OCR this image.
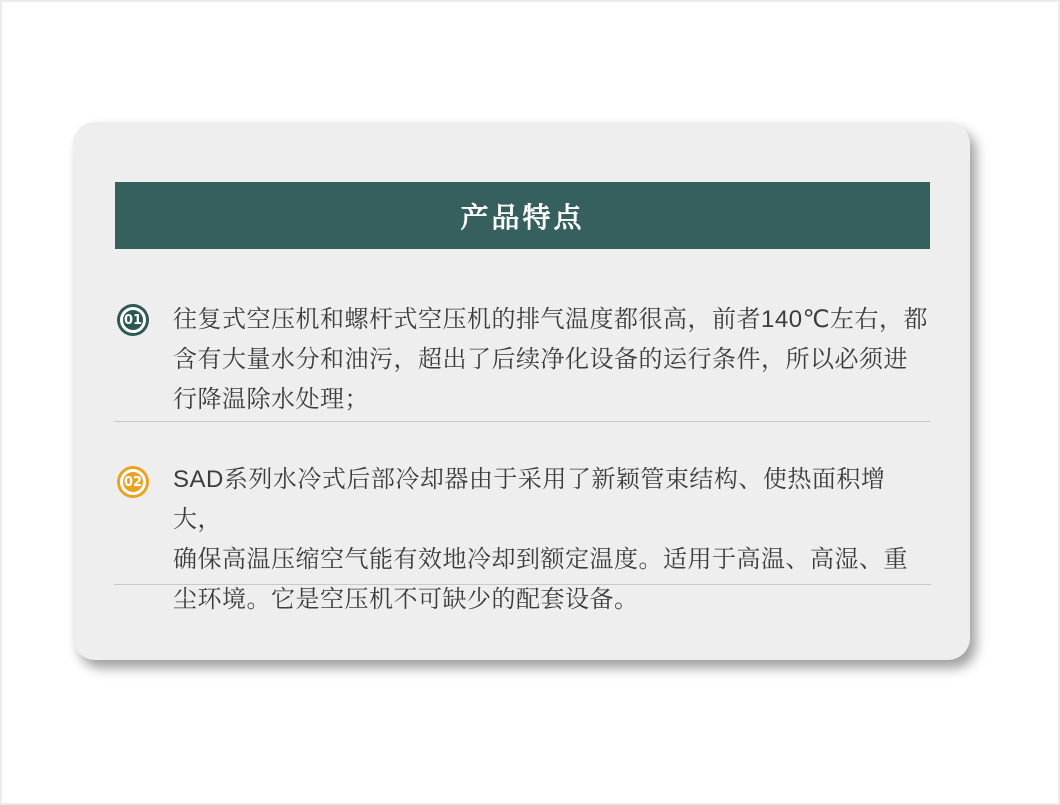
产品特点
01 往复式空压机和螺杆式空压机的排气温度都很高，前者140℃左右，都
含有大量水分和油污，超出了后续净化设备的运行条件，所以必须进
行降温除水处理；
02 SAD系列水冷式后部冷却器由于采用了新颖管束结构、使热面积增大，
确保高温压缩空气能有效地冷却到额定温度。适用于高温、高湿、重
尘环境。它是空压机不可缺少的配套设备。
